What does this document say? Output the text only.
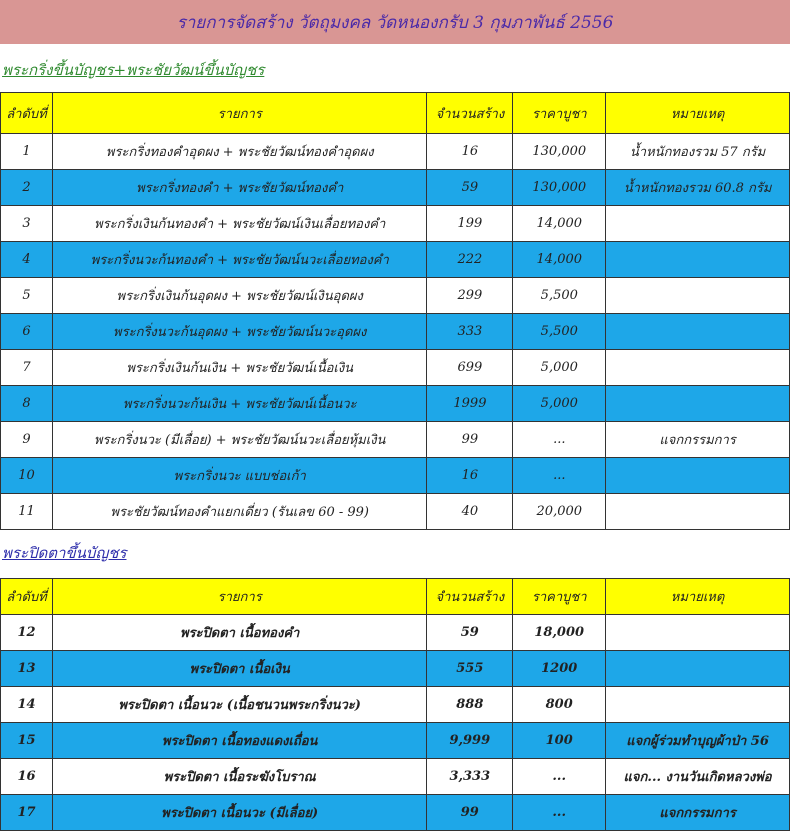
รายการจัดสร้าง วัตถุมงคล วัดหนองกรับ 3 กุมภาพันธ์ 2556
พระกริ่งขึ้นบัญชร+พระชัยวัฒน์ขึ้นบัญชร
ลำดับที่	รายการ	จำนวนสร้าง	ราคาบูชา	หมายเหตุ
1	พระกริ่งทองคำอุดผง + พระชัยวัฒน์ทองคำอุดผง	16	130,000	น้ำหนักทองรวม 57 กรัม
2	พระกริ่งทองคำ + พระชัยวัฒน์ทองคำ	59	130,000	น้ำหนักทองรวม 60.8 กรัม
3	พระกริ่งเงินก้นทองคำ + พระชัยวัฒน์เงินเลื่อยทองคำ	199	14,000	
4	พระกริ่งนวะก้นทองคำ + พระชัยวัฒน์นวะเลื่อยทองคำ	222	14,000	
5	พระกริ่งเงินก้นอุดผง + พระชัยวัฒน์เงินอุดผง	299	5,500	
6	พระกริ่งนวะก้นอุดผง + พระชัยวัฒน์นวะอุดผง	333	5,500	
7	พระกริ่งเงินก้นเงิน + พระชัยวัฒน์เนื้อเงิน	699	5,000	
8	พระกริ่งนวะก้นเงิน + พระชัยวัฒน์เนื้อนวะ	1999	5,000	
9	พระกริ่งนวะ (มีเลื่อย) + พระชัยวัฒน์นวะเลื่อยหุ้มเงิน	99	...	แจกกรรมการ
10	พระกริ่งนวะ แบบช่อเก้า	16	...	
11	พระชัยวัฒน์ทองคำแยกเดี่ยว (รันเลข 60 - 99)	40	20,000	
พระปิดตาขึ้นบัญชร
ลำดับที่	รายการ	จำนวนสร้าง	ราคาบูชา	หมายเหตุ
12	พระปิดตา เนื้อทองคำ	59	18,000	
13	พระปิดตา เนื้อเงิน	555	1200	
14	พระปิดตา เนื้อนวะ (เนื้อชนวนพระกริ่งนวะ)	888	800	
15	พระปิดตา เนื้อทองแดงเถื่อน	9,999	100	แจกผู้ร่วมทำบุญผ้าป่า 56
16	พระปิดตา เนื้อระฆังโบราณ	3,333	...	แจก... งานวันเกิดหลวงพ่อ
17	พระปิดตา เนื้อนวะ (มีเลื่อย)	99	...	แจกกรรมการ
